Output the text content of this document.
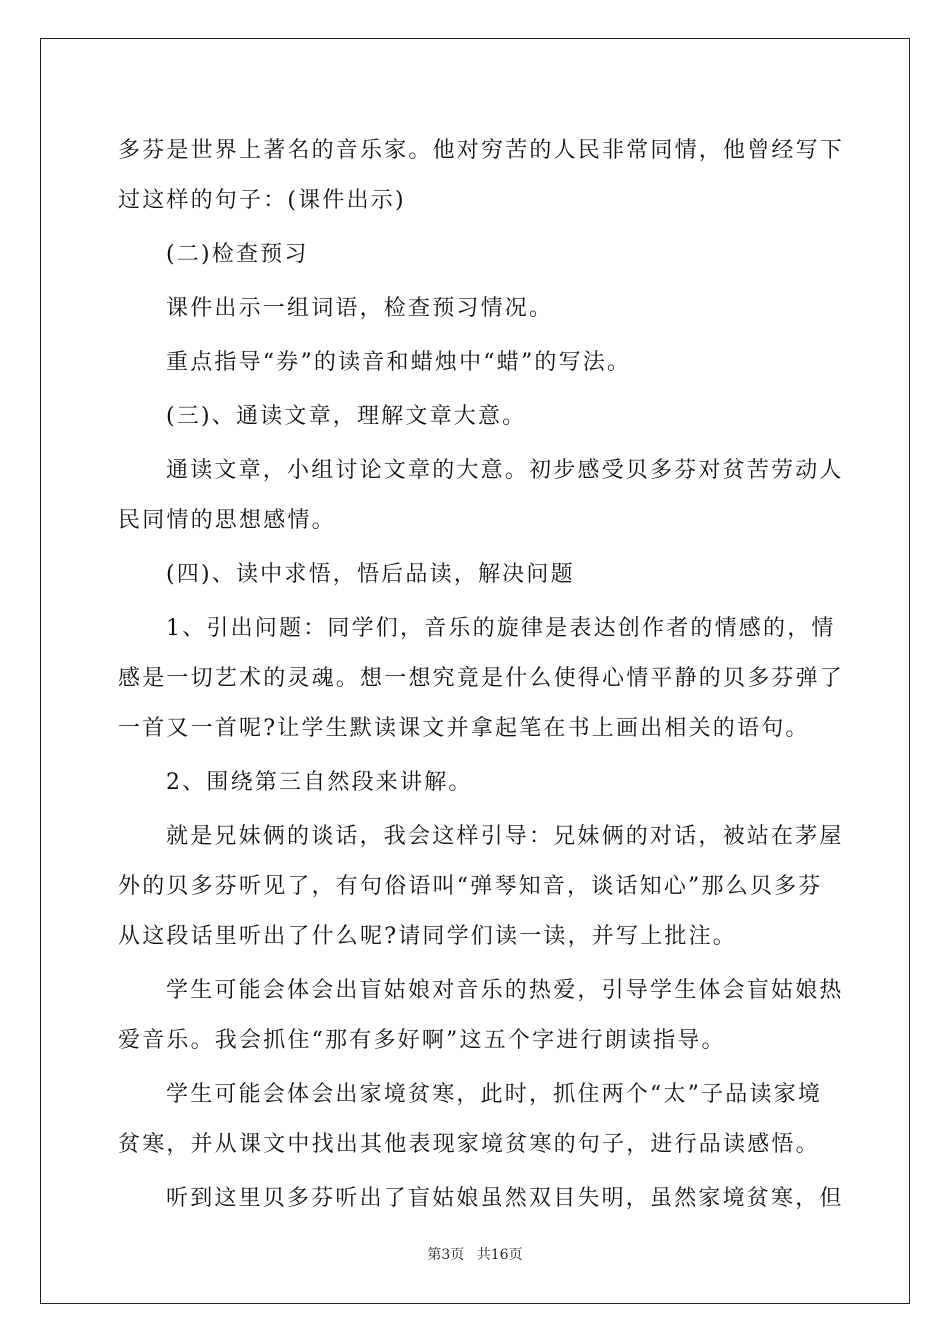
多芬是世界上著名的音乐家。他对穷苦的人民非常同情，他曾经写下
过这样的句子：(课件出示)
(二)检查预习
课件出示一组词语，检查预习情况。
重点指导“券”的读音和蜡烛中“蜡”的写法。
(三)、通读文章，理解文章大意。
通读文章，小组讨论文章的大意。初步感受贝多芬对贫苦劳动人
民同情的思想感情。
(四)、读中求悟，悟后品读，解决问题
1、引出问题：同学们，音乐的旋律是表达创作者的情感的，情
感是一切艺术的灵魂。想一想究竟是什么使得心情平静的贝多芬弹了
一首又一首呢?让学生默读课文并拿起笔在书上画出相关的语句。
2、围绕第三自然段来讲解。
就是兄妹俩的谈话，我会这样引导：兄妹俩的对话，被站在茅屋
外的贝多芬听见了，有句俗语叫“弹琴知音，谈话知心”那么贝多芬
从这段话里听出了什么呢?请同学们读一读，并写上批注。
学生可能会体会出盲姑娘对音乐的热爱，引导学生体会盲姑娘热
爱音乐。我会抓住“那有多好啊”这五个字进行朗读指导。
学生可能会体会出家境贫寒，此时，抓住两个“太”子品读家境
贫寒，并从课文中找出其他表现家境贫寒的句子，进行品读感悟。
听到这里贝多芬听出了盲姑娘虽然双目失明，虽然家境贫寒，但
第3页 共16页
